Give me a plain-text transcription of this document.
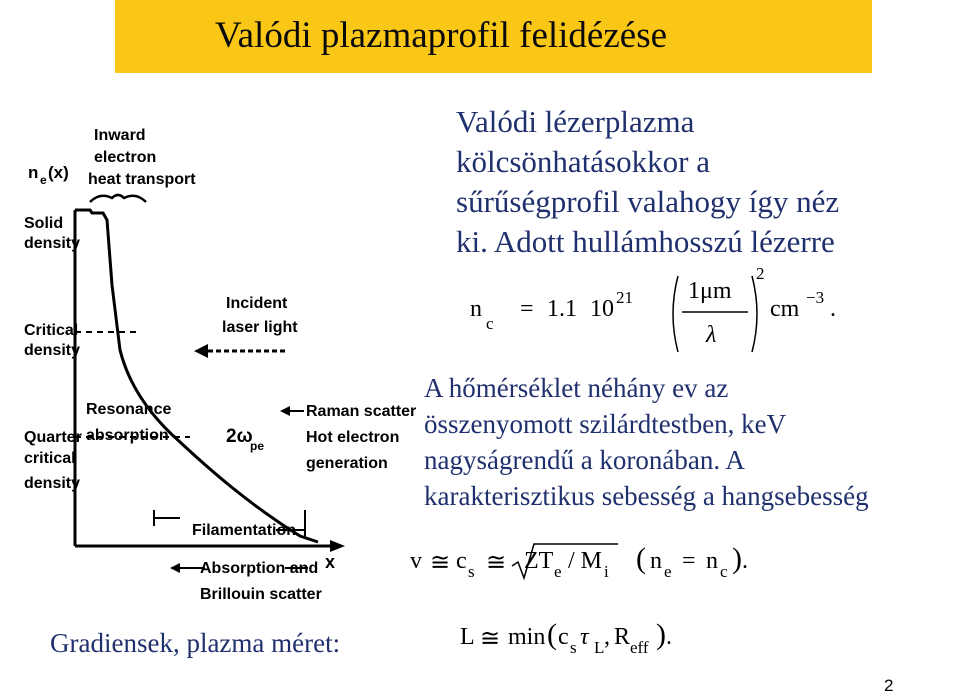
Valódi plazmaprofil felidézése
n e (x)
Solid
density
Critical
density
Quarter
critical
density
Inward
electron
heat transport
Incident
laser light
Resonance
absorption	2ω
pe
Raman scatter
Hot electron
generation
Filamentation
x
Absorption and
Brillouin scatter
Valódi lézerplazma
kölcsönhatásokkor a
sűrűségprofil valahogy így néz
ki. Adott hullámhosszú lézerre
n
c
= 1.1 10 21 1μm
λ
2
cm −3 .
A hőmérséklet néhány ev az
összenyomott szilárdtestben, keV
nagyságrendű a koronában. A
karakterisztikus sebesség a hangsebesség
v ≅ c s ≅ ZT e / M i ( n e = n c ) .
Gradiensek, plazma méret:	L ≅ min ( c s τ L , R eff ) .
2
